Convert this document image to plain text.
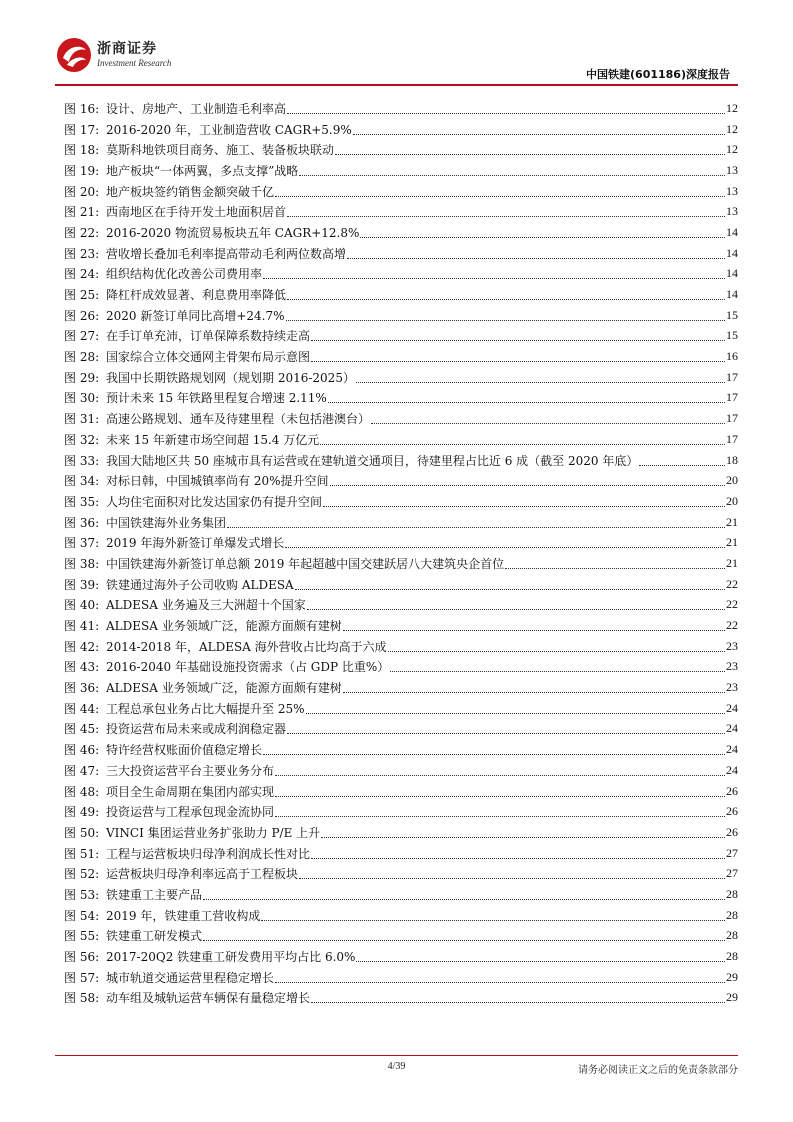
浙商证券
Investment Research
中国铁建(601186)深度报告
图 16: 设计、房地产、工业制造毛利率高	12
图 17: 2016-2020 年，工业制造营收 CAGR+5.9%	12
图 18: 莫斯科地铁项目商务、施工、装备板块联动	12
图 19: 地产板块“一体两翼，多点支撑”战略	13
图 20: 地产板块签约销售金额突破千亿	13
图 21: 西南地区在手待开发土地面积居首	13
图 22: 2016-2020 物流贸易板块五年 CAGR+12.8%	14
图 23: 营收增长叠加毛利率提高带动毛利两位数高增	14
图 24: 组织结构优化改善公司费用率	14
图 25: 降杠杆成效显著、利息费用率降低	14
图 26: 2020 新签订单同比高增+24.7%	15
图 27: 在手订单充沛，订单保障系数持续走高	15
图 28: 国家综合立体交通网主骨架布局示意图	16
图 29: 我国中长期铁路规划网（规划期 2016-2025）	17
图 30: 预计未来 15 年铁路里程复合增速 2.11%	17
图 31: 高速公路规划、通车及待建里程（未包括港澳台）	17
图 32: 未来 15 年新建市场空间超 15.4 万亿元	17
图 33: 我国大陆地区共 50 座城市具有运营或在建轨道交通项目，待建里程占比近 6 成（截至 2020 年底）	18
图 34: 对标日韩，中国城镇率尚有 20%提升空间	20
图 35: 人均住宅面积对比发达国家仍有提升空间	20
图 36: 中国铁建海外业务集团	21
图 37: 2019 年海外新签订单爆发式增长	21
图 38: 中国铁建海外新签订单总额 2019 年起超越中国交建跃居八大建筑央企首位	21
图 39: 铁建通过海外子公司收购 ALDESA	22
图 40: ALDESA 业务遍及三大洲超十个国家	22
图 41: ALDESA 业务领域广泛，能源方面颇有建树	22
图 42: 2014-2018 年，ALDESA 海外营收占比均高于六成	23
图 43: 2016-2040 年基础设施投资需求（占 GDP 比重%）	23
图 36: ALDESA 业务领域广泛，能源方面颇有建树	23
图 44: 工程总承包业务占比大幅提升至 25%	24
图 45: 投资运营布局未来或成利润稳定器	24
图 46: 特许经营权账面价值稳定增长	24
图 47: 三大投资运营平台主要业务分布	24
图 48: 项目全生命周期在集团内部实现	26
图 49: 投资运营与工程承包现金流协同	26
图 50: VINCI 集团运营业务扩张助力 P/E 上升	26
图 51: 工程与运营板块归母净利润成长性对比	27
图 52: 运营板块归母净利率远高于工程板块	27
图 53: 铁建重工主要产品	28
图 54: 2019 年，铁建重工营收构成	28
图 55: 铁建重工研发模式	28
图 56: 2017-20Q2 铁建重工研发费用平均占比 6.0%	28
图 57: 城市轨道交通运营里程稳定增长	29
图 58: 动车组及城轨运营车辆保有量稳定增长	29
4/39	请务必阅读正文之后的免责条款部分
